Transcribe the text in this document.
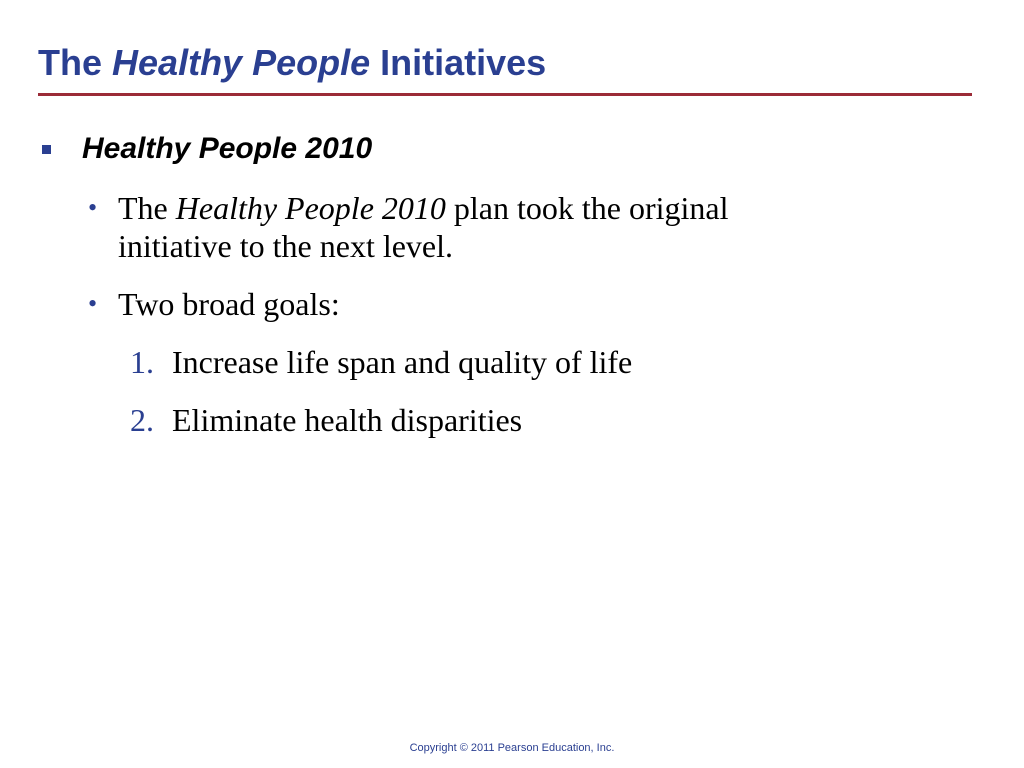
The Healthy People Initiatives
Healthy People 2010
• The Healthy People 2010 plan took the original initiative to the next level.
• Two broad goals:
1. Increase life span and quality of life
2. Eliminate health disparities
Copyright © 2011 Pearson Education, Inc.
